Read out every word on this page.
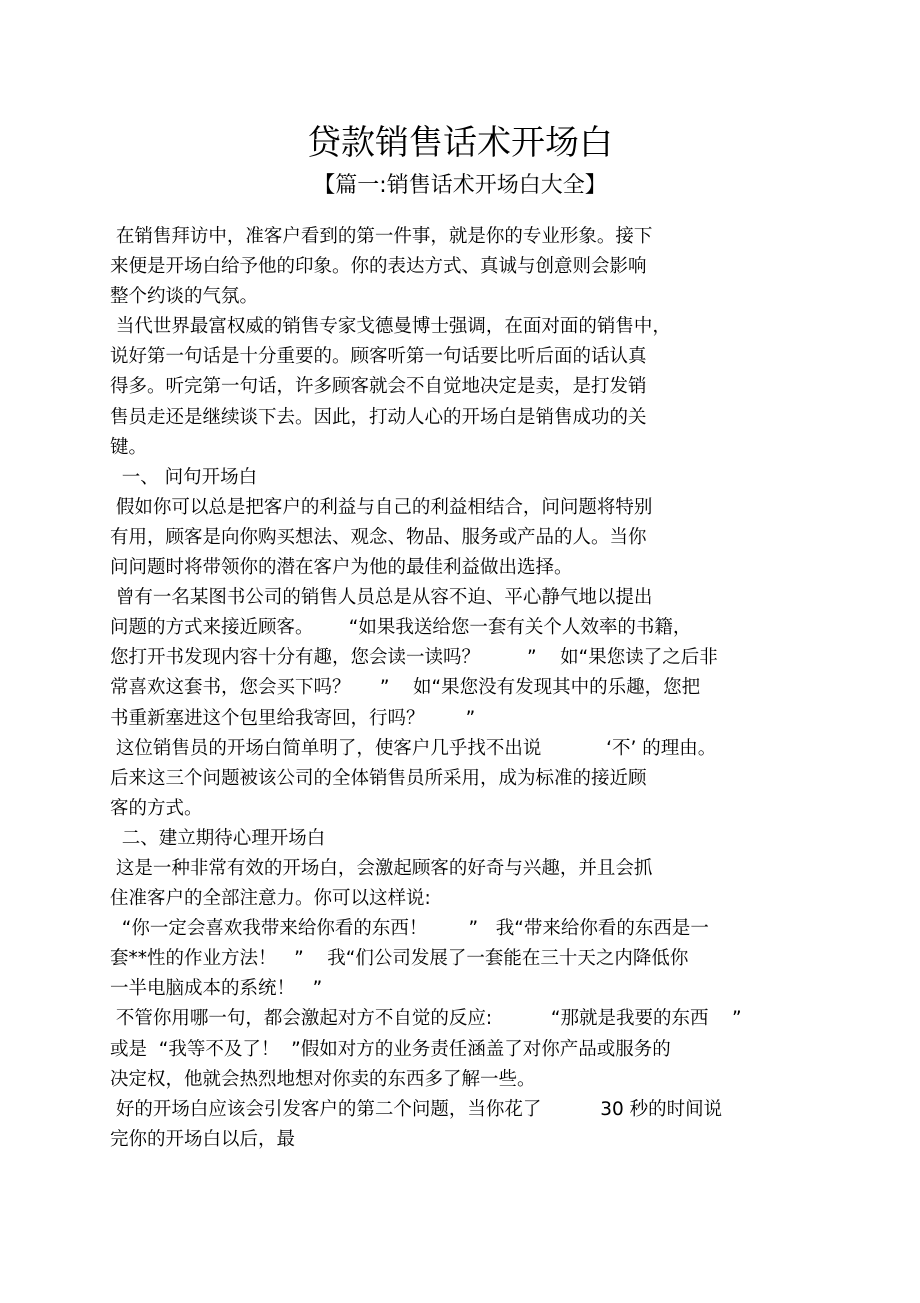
贷款销售话术开场白
【篇一:销售话术开场白大全】
在销售拜访中，准客户看到的第一件事，就是你的专业形象。接下
来便是开场白给予他的印象。你的表达方式、真诚与创意则会影响
整个约谈的气氛。
当代世界最富权威的销售专家戈德曼博士强调，在面对面的销售中，
说好第一句话是十分重要的。顾客听第一句话要比听后面的话认真
得多。听完第一句话，许多顾客就会不自觉地决定是卖，是打发销
售员走还是继续谈下去。因此，打动人心的开场白是销售成功的关
键。
一、 问句开场白
假如你可以总是把客户的利益与自己的利益相结合，问问题将特别
有用，顾客是向你购买想法、观念、物品、服务或产品的人。当你
问问题时将带领你的潜在客户为他的最佳利益做出选择。
曾有一名某图书公司的销售人员总是从容不迫、平心静气地以提出
问题的方式来接近顾客。      “如果我送给您一套有关个人效率的书籍，
您打开书发现内容十分有趣，您会读一读吗？        ”    如“果您读了之后非
常喜欢这套书，您会买下吗？     ”    如“果您没有发现其中的乐趣，您把
书重新塞进这个包里给我寄回，行吗？       ”
这位销售员的开场白简单明了，使客户几乎找不出说           ‘不’ 的理由。
后来这三个问题被该公司的全体销售员所采用，成为标准的接近顾
客的方式。
二、建立期待心理开场白
这是一种非常有效的开场白，会激起顾客的好奇与兴趣，并且会抓
住准客户的全部注意力。你可以这样说:
“你一定会喜欢我带来给你看的东西！       ”   我“带来给你看的东西是一
套**性的作业方法！   ”    我“们公司发展了一套能在三十天之内降低你
一半电脑成本的系统！   ”
不管你用哪一句，都会激起对方不自觉的反应:          “那就是我要的东西    ”
或是  “我等不及了！  ”假如对方的业务责任涵盖了对你产品或服务的
决定权，他就会热烈地想对你卖的东西多了解一些。
好的开场白应该会引发客户的第二个问题，当你花了          30 秒的时间说
完你的开场白以后，最
